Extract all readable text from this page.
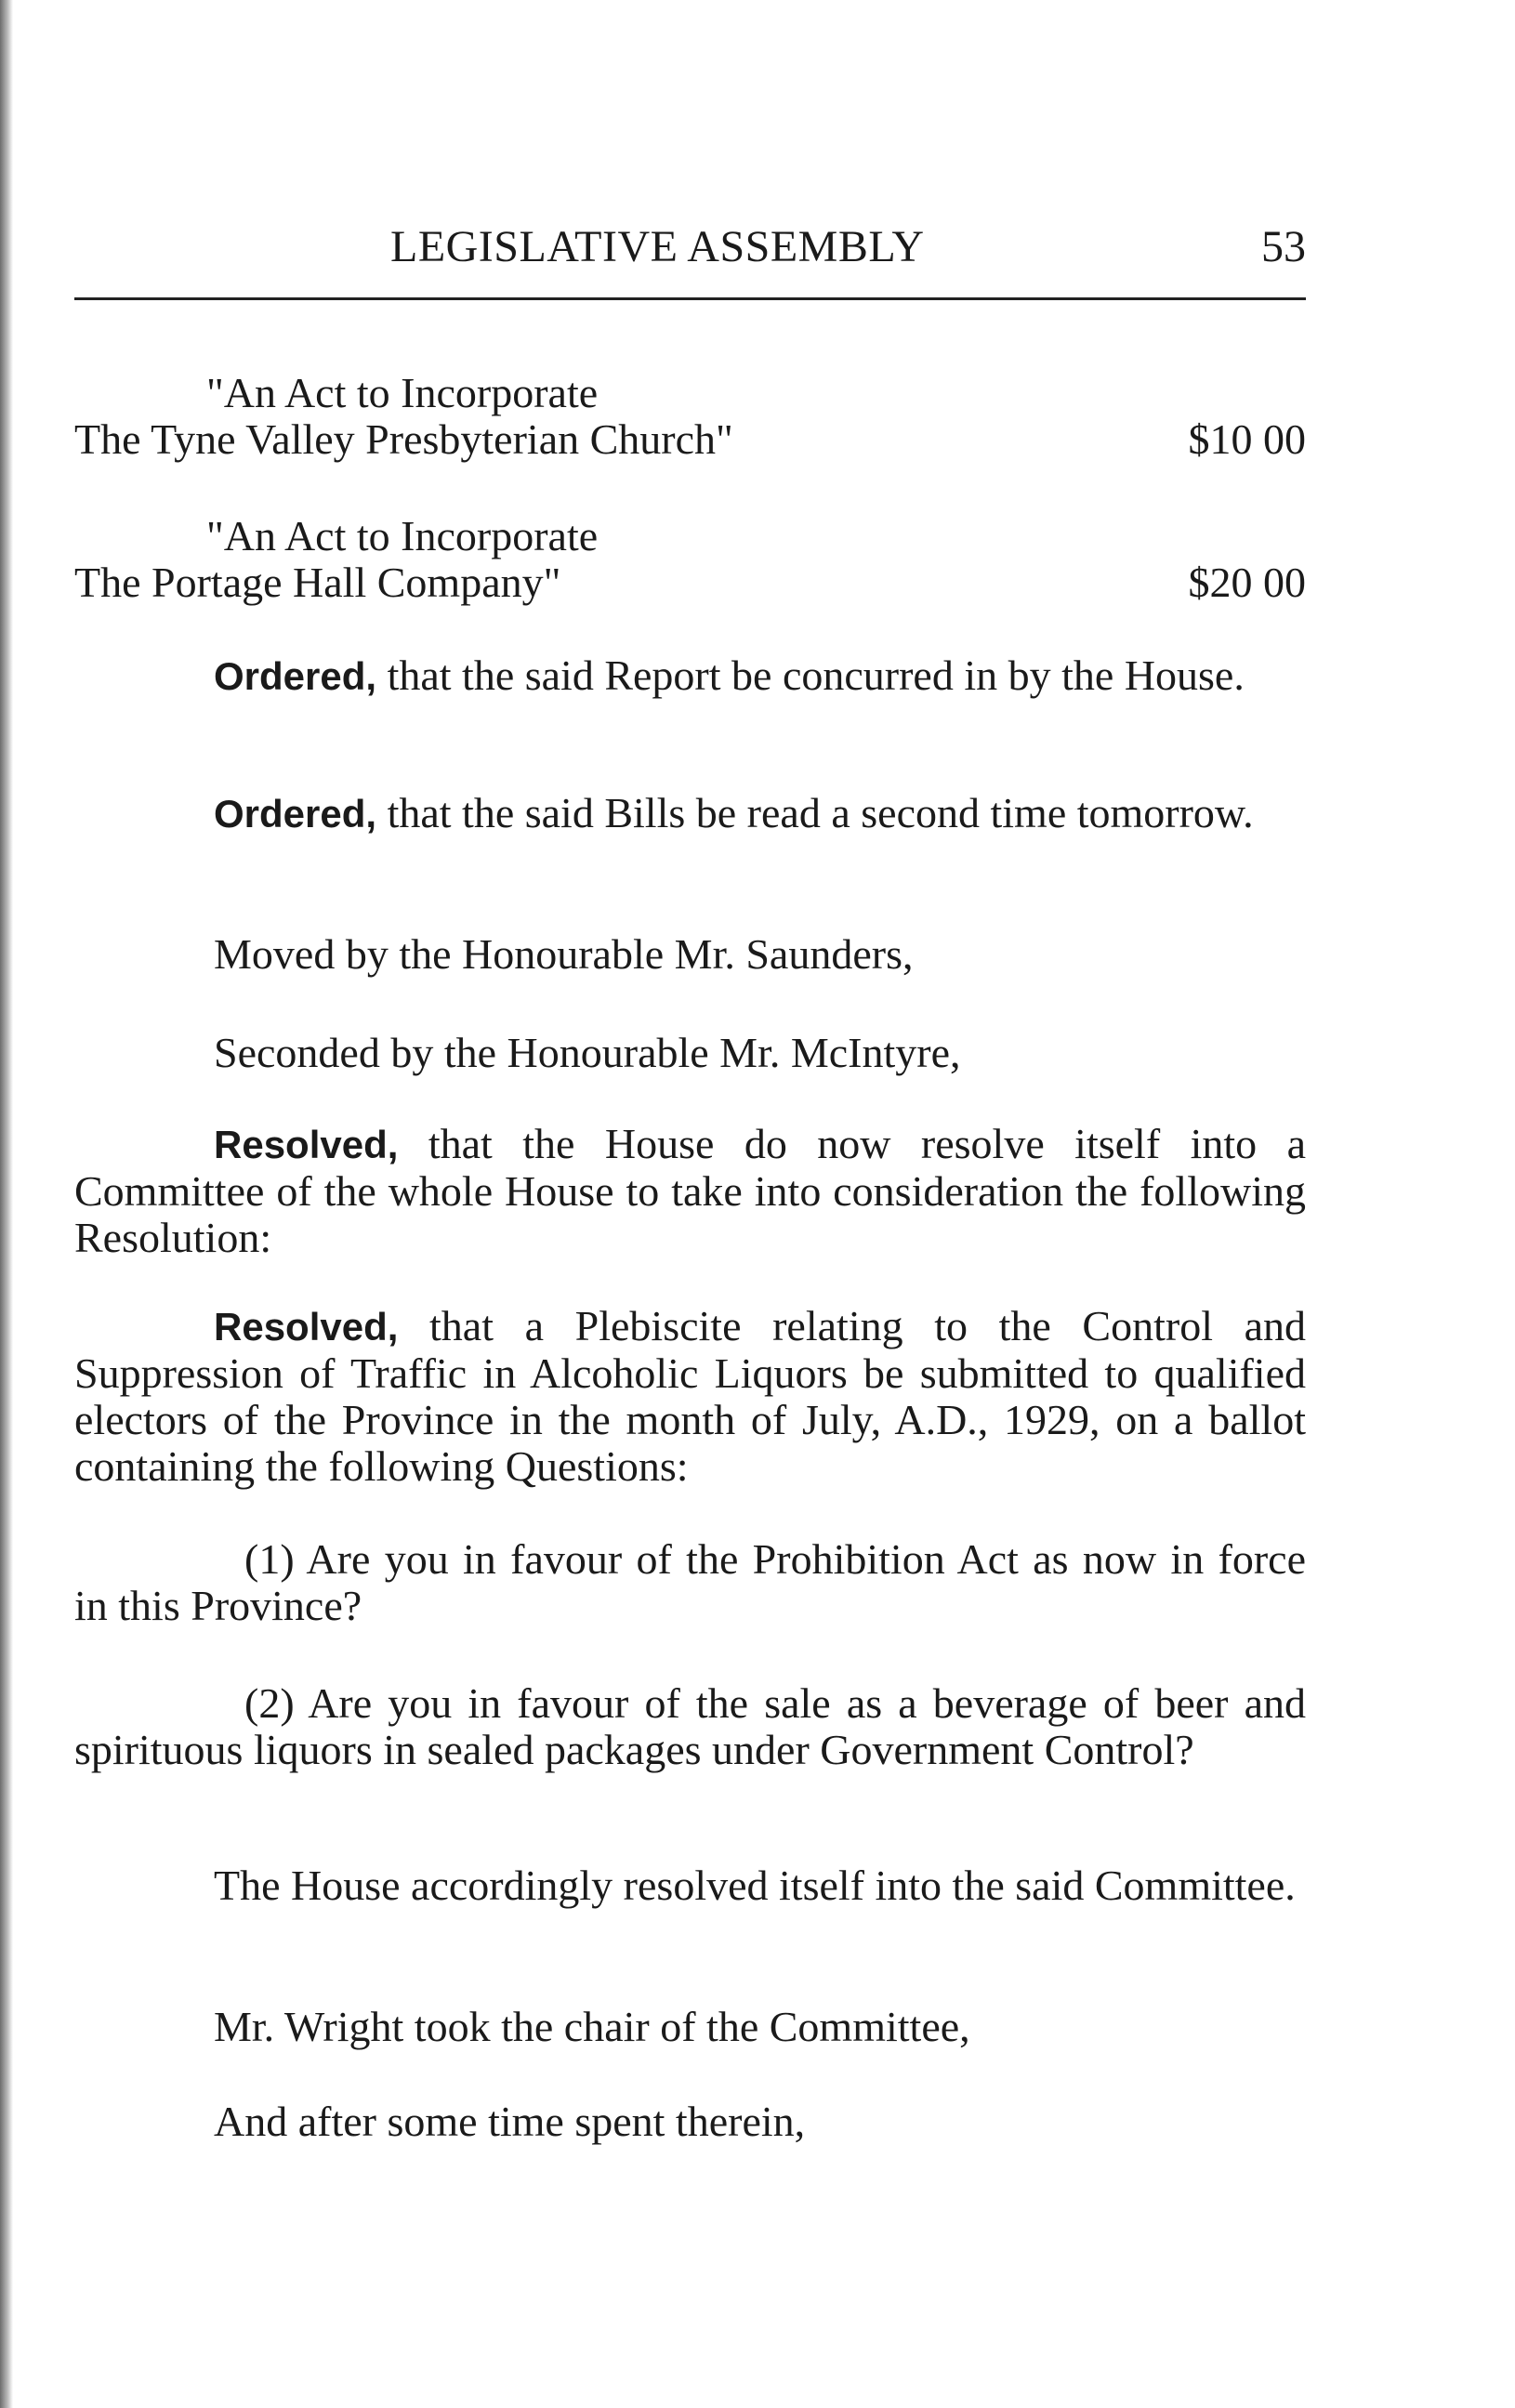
LEGISLATIVE ASSEMBLY	53
"An Act to Incorporate
The Tyne Valley Presbyterian Church"	$10 00
"An Act to Incorporate
The Portage Hall Company"	$20 00
Ordered, that the said Report be concurred in by the House.
Ordered, that the said Bills be read a second time tomorrow.
Moved by the Honourable Mr. Saunders,
Seconded by the Honourable Mr. McIntyre,
Resolved, that the House do now resolve itself into a Committee of the whole House to take into consideration the following Resolution:
Resolved, that a Plebiscite relating to the Control and Suppression of Traffic in Alcoholic Liquors be submitted to qualified electors of the Province in the month of July, A.D., 1929, on a ballot containing the following Questions:
(1) Are you in favour of the Prohibition Act as now in force in this Province?
(2) Are you in favour of the sale as a beverage of beer and spirituous liquors in sealed packages under Government Control?
The House accordingly resolved itself into the said Committee.
Mr. Wright took the chair of the Committee,
And after some time spent therein,
